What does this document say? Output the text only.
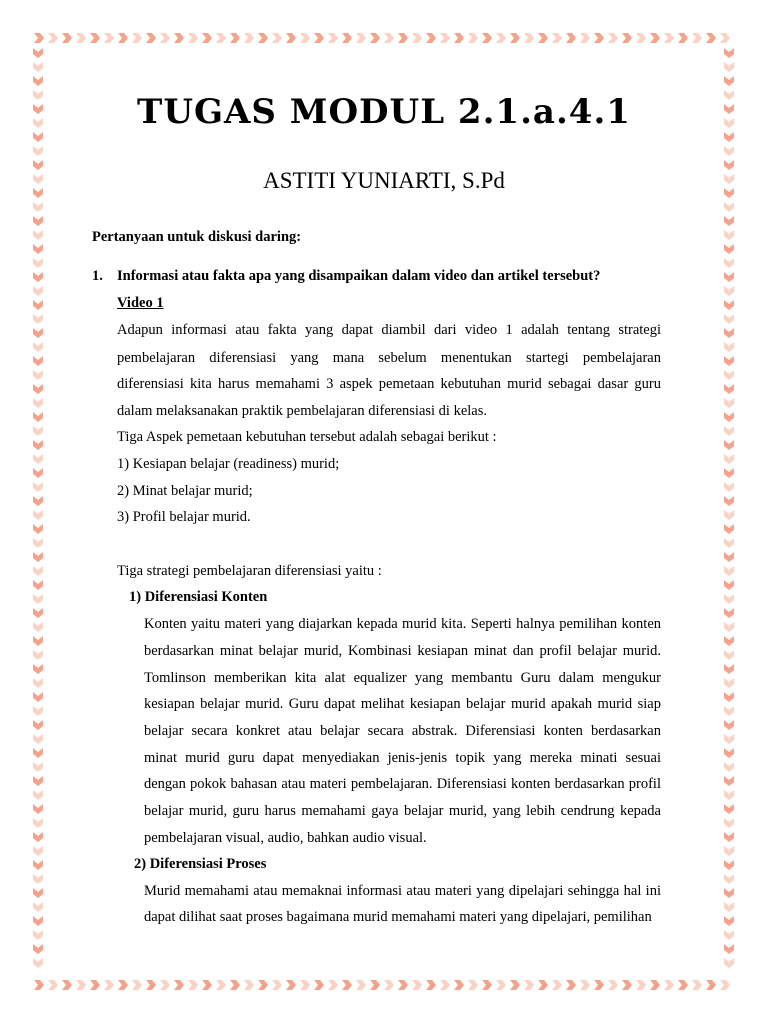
TUGAS MODUL 2.1.a.4.1
ASTITI YUNIARTI, S.Pd
Pertanyaan untuk diskusi daring:
1. Informasi atau fakta apa yang disampaikan dalam video dan artikel tersebut?
Video 1
Adapun informasi atau fakta yang dapat diambil dari video 1 adalah tentang strategi
pembelajaran diferensiasi yang mana sebelum menentukan startegi pembelajaran
diferensiasi kita harus memahami 3 aspek pemetaan kebutuhan murid sebagai dasar guru
dalam melaksanakan praktik pembelajaran diferensiasi di kelas.
Tiga Aspek pemetaan kebutuhan tersebut adalah sebagai berikut :
1) Kesiapan belajar (readiness) murid;
2) Minat belajar murid;
3) Profil belajar murid.
Tiga strategi pembelajaran diferensiasi yaitu :
1) Diferensiasi Konten
Konten yaitu materi yang diajarkan kepada murid kita. Seperti halnya pemilihan konten
berdasarkan minat belajar murid, Kombinasi kesiapan minat dan profil belajar murid.
Tomlinson memberikan kita alat equalizer yang membantu Guru dalam mengukur
kesiapan belajar murid. Guru dapat melihat kesiapan belajar murid apakah murid siap
belajar secara konkret atau belajar secara abstrak. Diferensiasi konten berdasarkan
minat murid guru dapat menyediakan jenis-jenis topik yang mereka minati sesuai
dengan pokok bahasan atau materi pembelajaran. Diferensiasi konten berdasarkan profil
belajar murid, guru harus memahami gaya belajar murid, yang lebih cendrung kepada
pembelajaran visual, audio, bahkan audio visual.
2) Diferensiasi Proses
Murid memahami atau memaknai informasi atau materi yang dipelajari sehingga hal ini
dapat dilihat saat proses bagaimana murid memahami materi yang dipelajari, pemilihan
